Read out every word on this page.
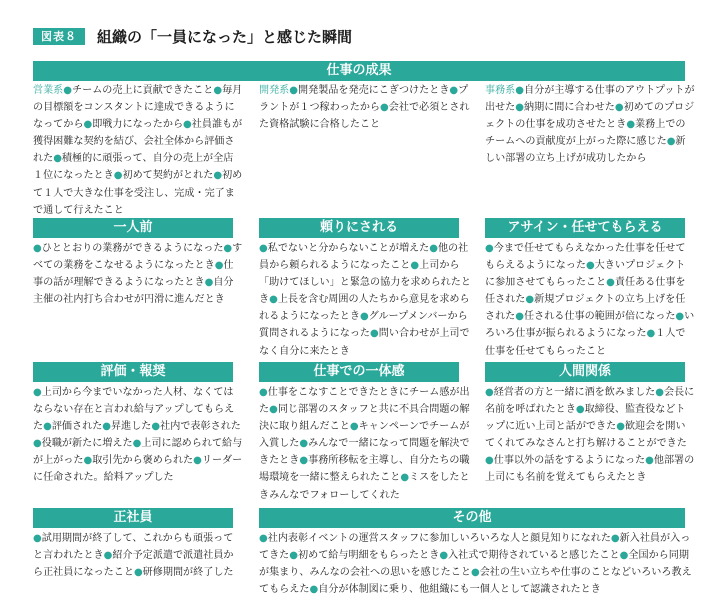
図表８	組織の「一員になった」と感じた瞬間
仕事の成果
営業系●チームの売上に貢献できたこと●毎月の目標額をコンスタントに達成できるようになってから●即戦力になったから●社員誰もが獲得困難な契約を結び、会社全体から評価された●積極的に頑張って、自分の売上が全店１位になったとき●初めて契約がとれた●初めて１人で大きな仕事を受注し、完成・完了まで通して行えたこと
開発系●開発製品を発売にこぎつけたとき●プラントが１つ稼わったから●会社で必須とされた資格試験に合格したこと
事務系●自分が主導する仕事のアウトプットが出せた●納期に間に合わせた●初めてのプロジェクトの仕事を成功させたとき●業務上でのチームへの貢献度が上がった際に感じた●新しい部署の立ち上げが成功したから
一人前	頼りにされる	アサイン・任せてもらえる
●ひととおりの業務ができるようになった●すべての業務をこなせるようになったとき●仕事の話が理解できるようになったとき●自分主催の社内打ち合わせが円滑に進んだとき
●私でないと分からないことが増えた●他の社員から頼られるようになったこと●上司から「助けてほしい」と緊急の協力を求められたとき●上長を含む周囲の人たちから意見を求められるようになったとき●グループメンバーから質問されるようになった●問い合わせが上司でなく自分に来たとき
●今まで任せてもらえなかった仕事を任せてもらえるようになった●大きいプロジェクトに参加させてもらったこと●責任ある仕事を任された●新規プロジェクトの立ち上げを任された●任される仕事の範囲が倍になった●いろいろ仕事が振られるようになった●１人で仕事を任せてもらったこと
評価・報奨	仕事での一体感	人間関係
●上司から今までいなかった人材、なくてはならない存在と言われ給与アップしてもらえた●評価された●昇進した●社内で表彰された●役職が新たに増えた●上司に認められて給与が上がった●取引先から褒められた●リーダーに任命された。給料アップした
●仕事をこなすことできたときにチーム感が出た●同じ部署のスタッフと共に不具合問題の解決に取り組んだこと●キャンペーンでチームが入賞した●みんなで一緒になって問題を解決できたとき●事務所移転を主導し、自分たちの職場環境を一緒に整えられたこと●ミスをしたときみんなでフォローしてくれた
●経営者の方と一緒に酒を飲みました●会長に名前を呼ばれたとき●取締役、監査役などトップに近い上司と話ができた●歓迎会を開いてくれてみなさんと打ち解けることができた●仕事以外の話をするようになった●他部署の上司にも名前を覚えてもらえたとき
正社員	その他
●試用期間が終了して、これからも頑張ってと言われたとき●紹介予定派遣で派遣社員から正社員になったこと●研修期間が終了した
●社内表彰イベントの運営スタッフに参加しいろいろな人と顔見知りになれた●新入社員が入ってきた●初めて給与明細をもらったとき●入社式で期待されていると感じたこと●全国から同期が集まり、みんなの会社への思いを感じたこと●会社の生い立ちや仕事のことなどいろいろ教えてもらえた●自分が体制図に乗り、他組織にも一個人として認識されたとき
